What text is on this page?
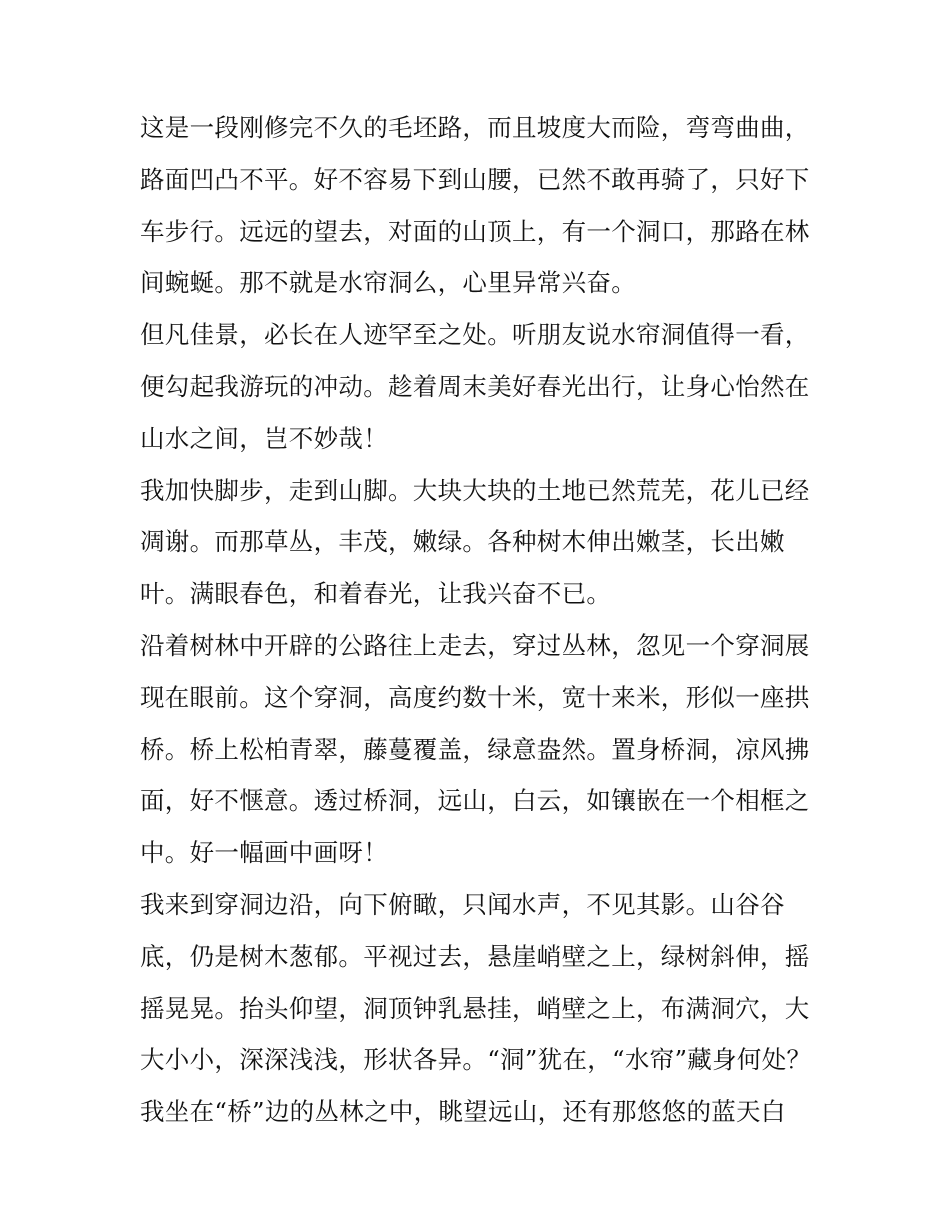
这是一段刚修完不久的毛坯路，而且坡度大而险，弯弯曲曲，
路面凹凸不平。好不容易下到山腰，已然不敢再骑了，只好下
车步行。远远的望去，对面的山顶上，有一个洞口，那路在林
间蜿蜒。那不就是水帘洞么，心里异常兴奋。
但凡佳景，必长在人迹罕至之处。听朋友说水帘洞值得一看，
便勾起我游玩的冲动。趁着周末美好春光出行，让身心怡然在
山水之间，岂不妙哉！
我加快脚步，走到山脚。大块大块的土地已然荒芜，花儿已经
凋谢。而那草丛，丰茂，嫩绿。各种树木伸出嫩茎，长出嫩
叶。满眼春色，和着春光，让我兴奋不已。
沿着树林中开辟的公路往上走去，穿过丛林，忽见一个穿洞展
现在眼前。这个穿洞，高度约数十米，宽十来米，形似一座拱
桥。桥上松柏青翠，藤蔓覆盖，绿意盎然。置身桥洞，凉风拂
面，好不惬意。透过桥洞，远山，白云，如镶嵌在一个相框之
中。好一幅画中画呀！
我来到穿洞边沿，向下俯瞰，只闻水声，不见其影。山谷谷
底，仍是树木葱郁。平视过去，悬崖峭壁之上，绿树斜伸，摇
摇晃晃。抬头仰望，洞顶钟乳悬挂，峭壁之上，布满洞穴，大
大小小，深深浅浅，形状各异。“洞”犹在，“水帘”藏身何处？
我坐在“桥”边的丛林之中，眺望远山，还有那悠悠的蓝天白
